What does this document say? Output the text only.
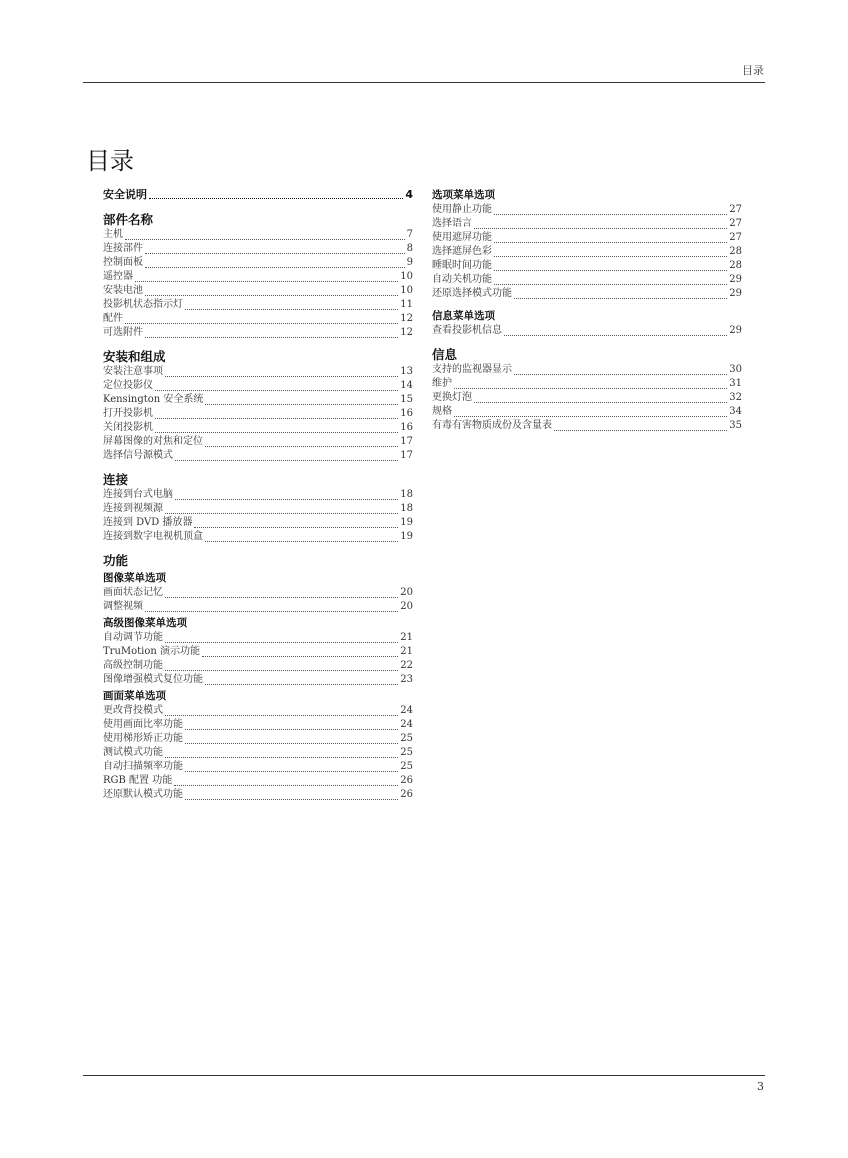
目录
目录
安全说明	4
部件名称
主机	7
连接部件	8
控制面板	9
遥控器	10
安装电池	10
投影机状态指示灯	11
配件	12
可选附件	12
安装和组成
安装注意事项	13
定位投影仪	14
Kensington 安全系统	15
打开投影机	16
关闭投影机	16
屏幕图像的对焦和定位	17
选择信号源模式	17
连接
连接到台式电脑	18
连接到视频源	18
连接到 DVD 播放器	19
连接到数字电视机顶盒	19
功能
图像菜单选项
画面状态记忆	20
调整视频	20
高级图像菜单选项
自动调节功能	21
TruMotion 演示功能	21
高级控制功能	22
图像增强模式复位功能	23
画面菜单选项
更改背投模式	24
使用画面比率功能	24
使用梯形矫正功能	25
测试模式功能	25
自动扫描频率功能	25
RGB 配置 功能	26
还原默认模式功能	26
选项菜单选项
使用静止功能	27
选择语言	27
使用遮屏功能	27
选择遮屏色彩	28
睡眠时间功能	28
自动关机功能	29
还原选择模式功能	29
信息菜单选项
查看投影机信息	29
信息
支持的监视器显示	30
维护	31
更换灯泡	32
规格	34
有毒有害物质成份及含量表	35
3
